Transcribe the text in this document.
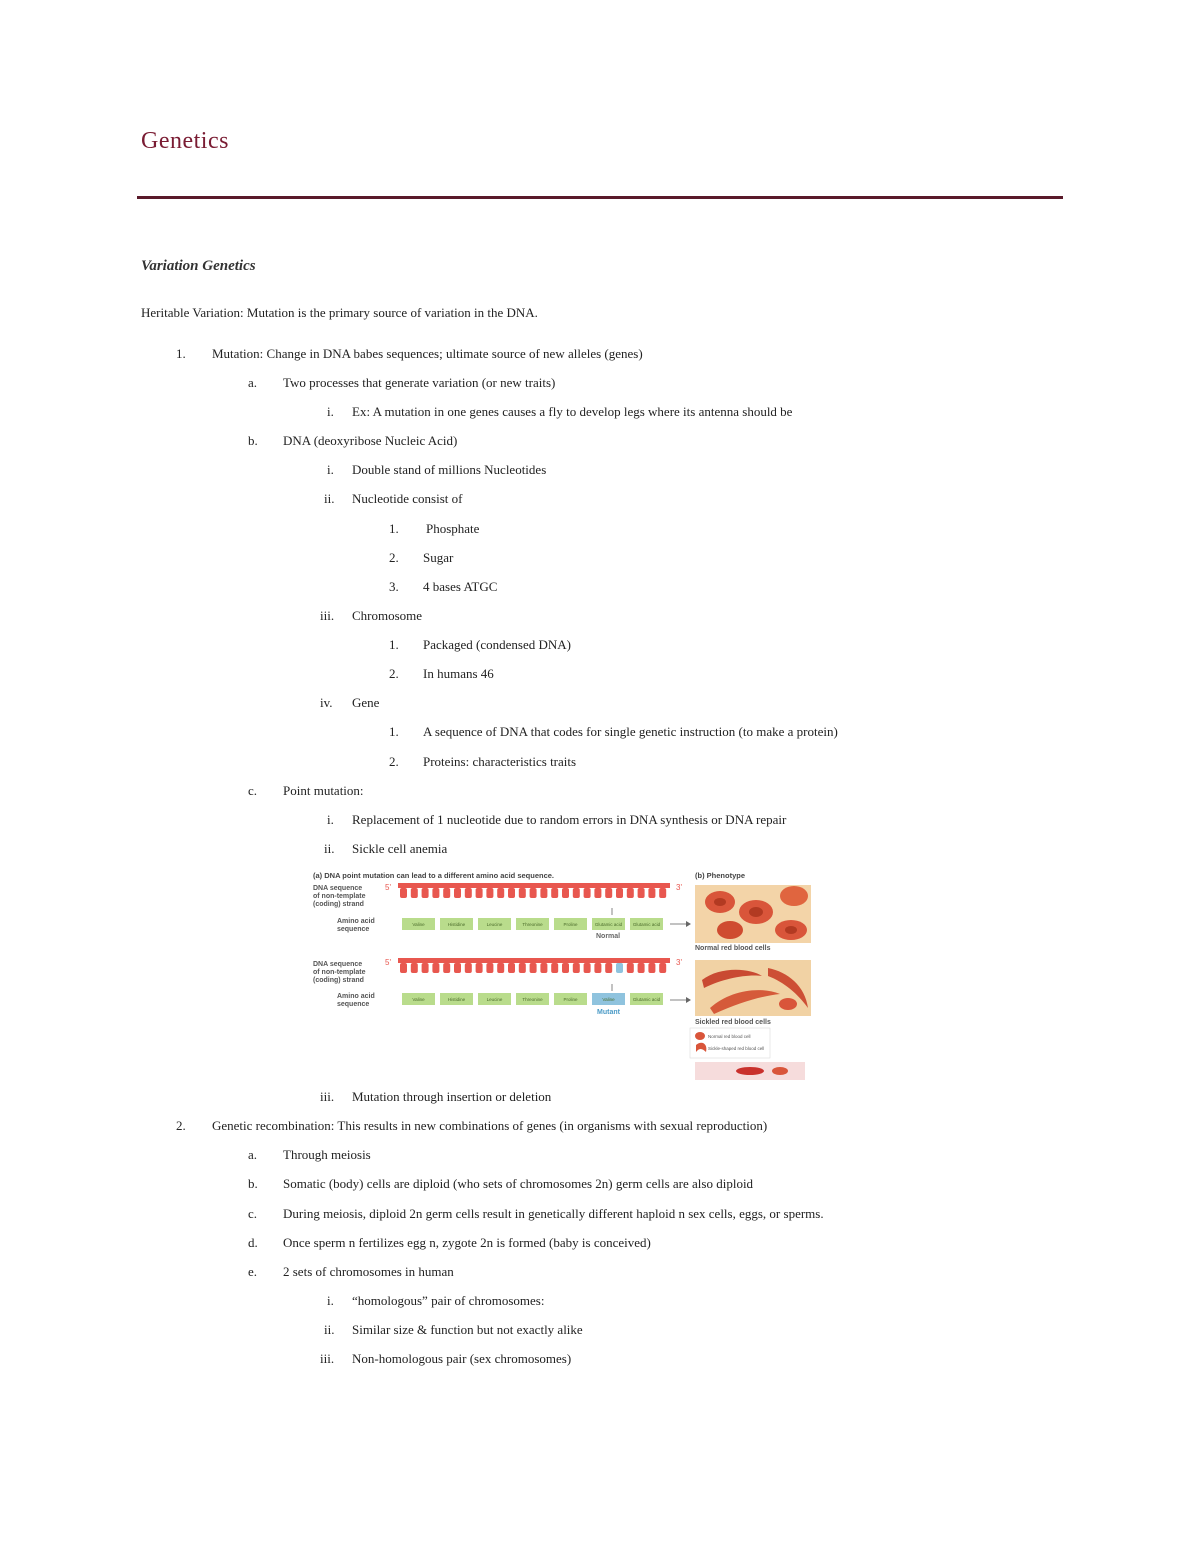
Genetics
Variation Genetics
Heritable Variation: Mutation is the primary source of variation in the DNA.
1. Mutation: Change in DNA babes sequences; ultimate source of new alleles (genes)
a. Two processes that generate variation (or new traits)
i. Ex: A mutation in one genes causes a fly to develop legs where its antenna should be
b. DNA (deoxyribose Nucleic Acid)
i. Double stand of millions Nucleotides
ii. Nucleotide consist of
1. Phosphate
2. Sugar
3. 4 bases ATGC
iii. Chromosome
1. Packaged (condensed DNA)
2. In humans 46
iv. Gene
1. A sequence of DNA that codes for single genetic instruction (to make a protein)
2. Proteins: characteristics traits
c. Point mutation:
i. Replacement of 1 nucleotide due to random errors in DNA synthesis or DNA repair
ii. Sickle cell anemia
iii. Mutation through insertion or deletion
2. Genetic recombination: This results in new combinations of genes (in organisms with sexual reproduction)
a. Through meiosis
b. Somatic (body) cells are diploid (who sets of chromosomes 2n) germ cells are also diploid
c. During meiosis, diploid 2n germ cells result in genetically different haploid n sex cells, eggs, or sperms.
d. Once sperm n fertilizes egg n, zygote 2n is formed (baby is conceived)
e. 2 sets of chromosomes in human
i. “homologous” pair of chromosomes:
ii. Similar size & function but not exactly alike
iii. Non-homologous pair (sex chromosomes)
(a) DNA point mutation can lead to a different amino acid sequence.	(b) Phenotype
DNA sequence
of non-template
(coding) strand
5'	3'
Amino acid
sequence
Valine	Histidine	Leucine	Threonine	Proline	Glutamic acid Glutamic acid
Normal
Normal red blood cells
DNA sequence
of non-template
(coding) strand
5'	3'
Amino acid
sequence
Valine	Histidine	Leucine	Threonine	Proline	Valine	Glutamic acid
Mutant
Sickled red blood cells
Normal red blood cell
Sickle-shaped red blood cell
